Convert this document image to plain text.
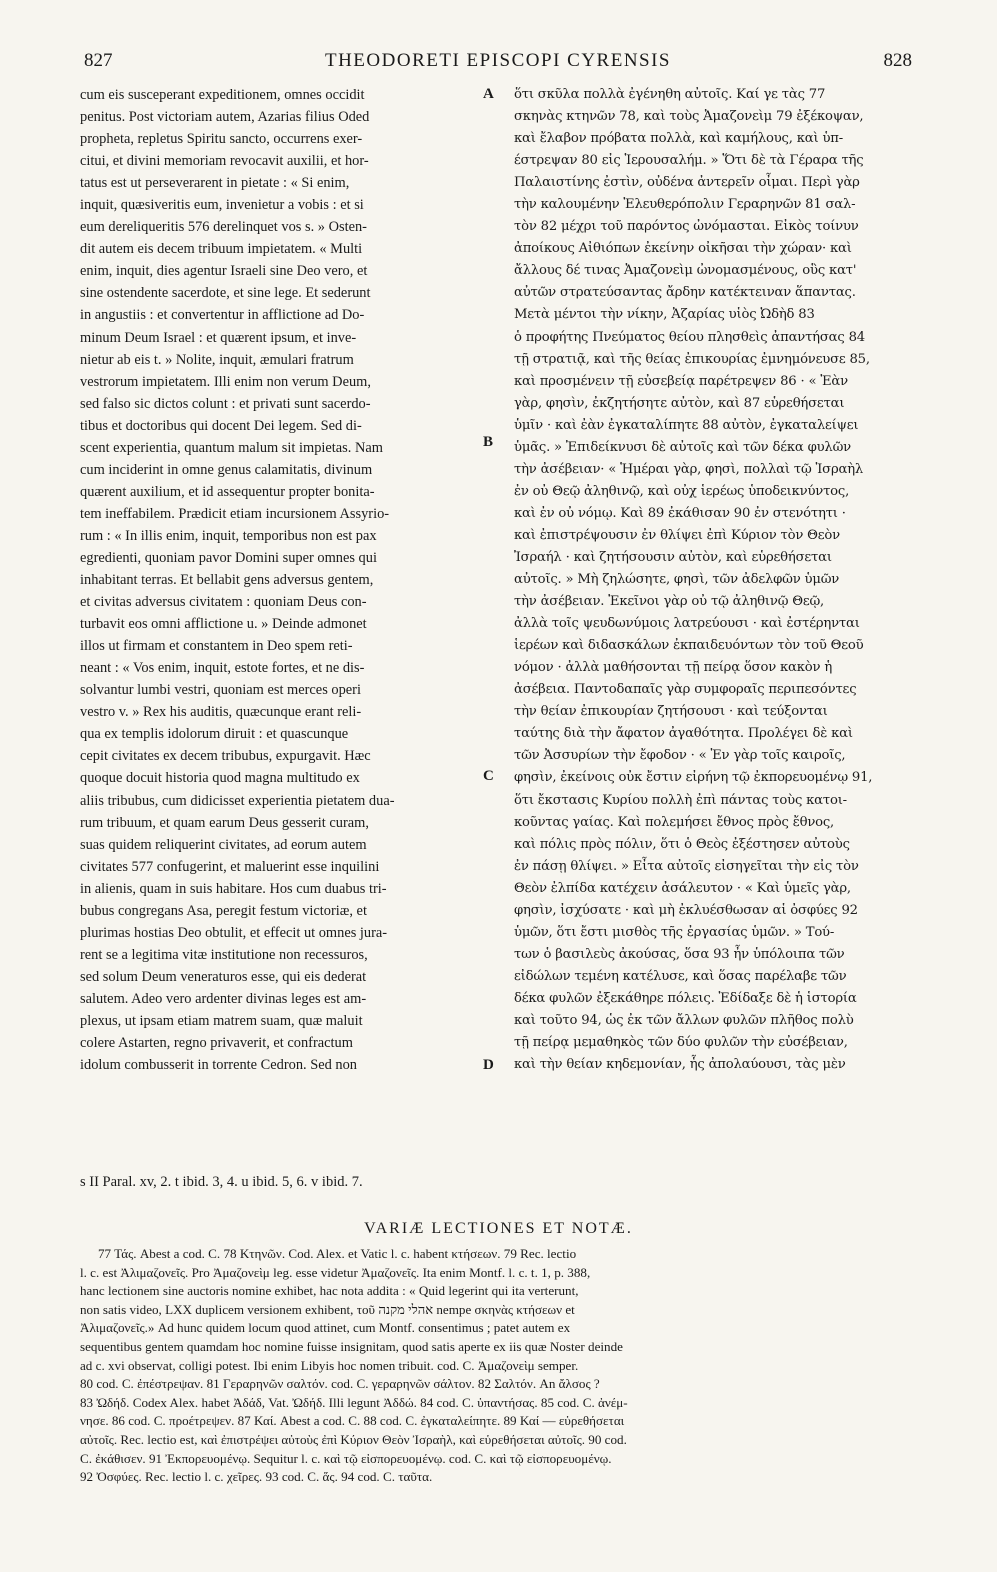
827	THEODORETI EPISCOPI CYRENSIS	828
cum eis susceperant expeditionem, omnes occidit
penitus. Post victoriam autem, Azarias filius Oded
propheta, repletus Spiritu sancto, occurrens exer-
citui, et divini memoriam revocavit auxilii, et hor-
tatus est ut perseverarent in pietate : « Si enim,
inquit, quæsiveritis eum, invenietur a vobis : et si
eum dereliqueritis 576 derelinquet vos s. » Osten-
dit autem eis decem tribuum impietatem. « Multi
enim, inquit, dies agentur Israeli sine Deo vero, et
sine ostendente sacerdote, et sine lege. Et sederunt
in angustiis : et convertentur in afflictione ad Do-
minum Deum Israel : et quærent ipsum, et inve-
nietur ab eis t. » Nolite, inquit, æmulari fratrum
vestrorum impietatem. Illi enim non verum Deum,
sed falso sic dictos colunt : et privati sunt sacerdo-
tibus et doctoribus qui docent Dei legem. Sed di-
scent experientia, quantum malum sit impietas. Nam
cum inciderint in omne genus calamitatis, divinum
quærent auxilium, et id assequentur propter bonita-
tem ineffabilem. Prædicit etiam incursionem Assyrio-
rum : « In illis enim, inquit, temporibus non est pax
egredienti, quoniam pavor Domini super omnes qui
inhabitant terras. Et bellabit gens adversus gentem,
et civitas adversus civitatem : quoniam Deus con-
turbavit eos omni afflictione u. » Deinde admonet
illos ut firmam et constantem in Deo spem reti-
neant : « Vos enim, inquit, estote fortes, et ne dis-
solvantur lumbi vestri, quoniam est merces operi
vestro v. » Rex his auditis, quæcunque erant reli-
qua ex templis idolorum diruit : et quascunque
cepit civitates ex decem tribubus, expurgavit. Hæc
quoque docuit historia quod magna multitudo ex
aliis tribubus, cum didicisset experientia pietatem dua-
rum tribuum, et quam earum Deus gesserit curam,
suas quidem reliquerint civitates, ad eorum autem
civitates 577 confugerint, et maluerint esse inquilini
in alienis, quam in suis habitare. Hos cum duabus tri-
bubus congregans Asa, peregit festum victoriæ, et
plurimas hostias Deo obtulit, et effecit ut omnes jura-
rent se a legitima vitæ institutione non recessuros,
sed solum Deum veneraturos esse, qui eis dederat
salutem. Adeo vero ardenter divinas leges est am-
plexus, ut ipsam etiam matrem suam, quæ maluit
colere Astarten, regno privaverit, et confractum
idolum combusserit in torrente Cedron. Sed non
ὅτι σκῦλα πολλὰ ἐγένηθη αὐτοῖς. Καί γε τὰς 77
σκηνὰς κτηνῶν 78, καὶ τοὺς Ἀμαζονεὶμ 79 ἐξέκοψαν,
καὶ ἔλαβον πρόβατα πολλὰ, καὶ καμήλους, καὶ ὑπ-
έστρεψαν 80 εἰς Ἱερουσαλήμ. » Ὅτι δὲ τὰ Γέραρα τῆς
Παλαιστίνης ἐστὶν, οὐδένα ἀντερεῖν οἶμαι. Περὶ γὰρ
τὴν καλουμένην Ἐλευθερόπολιν Γεραρηνῶν 81 σαλ-
τὸν 82 μέχρι τοῦ παρόντος ὠνόμασται. Εἰκὸς τοίνυν
ἀποίκους Αἰθιόπων ἐκείνην οἰκῆσαι τὴν χώραν· καὶ
ἄλλους δέ τινας Ἀμαζονεὶμ ὠνομασμένους, οὓς κατ'
αὐτῶν στρατεύσαντας ἄρδην κατέκτειναν ἅπαντας.
Μετὰ μέντοι τὴν νίκην, Ἀζαρίας υἱὸς Ὠδὴδ 83
ὁ προφήτης Πνεύματος θείου πλησθεὶς ἀπαντήσας 84
τῇ στρατιᾷ, καὶ τῆς θείας ἐπικουρίας ἐμνημόνευσε 85,
καὶ προσμένειν τῇ εὐσεβείᾳ παρέτρεψεν 86 · « Ἐὰν
γὰρ, φησὶν, ἐκζητήσητε αὐτὸν, καὶ 87 εὑρεθήσεται
ὑμῖν · καὶ ἐὰν ἐγκαταλίπητε 88 αὐτὸν, ἐγκαταλείψει
ὑμᾶς. » Ἐπιδείκνυσι δὲ αὐτοῖς καὶ τῶν δέκα φυλῶν
τὴν ἀσέβειαν· « Ἡμέραι γὰρ, φησὶ, πολλαὶ τῷ Ἰσραὴλ
ἐν οὐ Θεῷ ἀληθινῷ, καὶ οὐχ ἱερέως ὑποδεικνύντος,
καὶ ἐν οὐ νόμῳ. Καὶ 89 ἐκάθισαν 90 ἐν στενότητι ·
καὶ ἐπιστρέψουσιν ἐν θλίψει ἐπὶ Κύριον τὸν Θεὸν
Ἰσραήλ · καὶ ζητήσουσιν αὐτὸν, καὶ εὑρεθήσεται
αὐτοῖς. » Μὴ ζηλώσητε, φησὶ, τῶν ἀδελφῶν ὑμῶν
τὴν ἀσέβειαν. Ἐκεῖνοι γὰρ οὐ τῷ ἀληθινῷ Θεῷ,
ἀλλὰ τοῖς ψευδωνύμοις λατρεύουσι · καὶ ἐστέρηνται
ἱερέων καὶ διδασκάλων ἐκπαιδευόντων τὸν τοῦ Θεοῦ
νόμον · ἀλλὰ μαθήσονται τῇ πείρᾳ ὅσον κακὸν ἡ
ἀσέβεια. Παντοδαπαῖς γὰρ συμφοραῖς περιπεσόντες
τὴν θείαν ἐπικουρίαν ζητήσουσι · καὶ τεύξονται
ταύτης διὰ τὴν ἄφατον ἀγαθότητα. Προλέγει δὲ καὶ
τῶν Ἀσσυρίων τὴν ἔφοδον · « Ἐν γὰρ τοῖς καιροῖς,
φησὶν, ἐκείνοις οὐκ ἔστιν εἰρήνη τῷ ἐκπορευομένῳ 91,
ὅτι ἔκστασις Κυρίου πολλὴ ἐπὶ πάντας τοὺς κατοι-
κοῦντας γαίας. Καὶ πολεμήσει ἔθνος πρὸς ἔθνος,
καὶ πόλις πρὸς πόλιν, ὅτι ὁ Θεὸς ἐξέστησεν αὐτοὺς
ἐν πάσῃ θλίψει. » Εἶτα αὐτοῖς εἰσηγεῖται τὴν εἰς τὸν
Θεὸν ἐλπίδα κατέχειν ἀσάλευτον · « Καὶ ὑμεῖς γὰρ,
φησὶν, ἰσχύσατε · καὶ μὴ ἐκλυέσθωσαν αἱ ὀσφύες 92
ὑμῶν, ὅτι ἔστι μισθὸς τῆς ἐργασίας ὑμῶν. » Τού-
των ὁ βασιλεὺς ἀκούσας, ὅσα 93 ἦν ὑπόλοιπα τῶν
εἰδώλων τεμένη κατέλυσε, καὶ ὅσας παρέλαβε τῶν
δέκα φυλῶν ἐξεκάθηρε πόλεις. Ἐδίδαξε δὲ ἡ ἱστορία
καὶ τοῦτο 94, ὡς ἐκ τῶν ἄλλων φυλῶν πλῆθος πολὺ
τῇ πείρᾳ μεμαθηκὸς τῶν δύο φυλῶν τὴν εὐσέβειαν,
καὶ τὴν θείαν κηδεμονίαν, ἧς ἀπολαύουσι, τὰς μὲν
A
B
C
D
s II Paral. xv, 2. t ibid. 3, 4. u ibid. 5, 6. v ibid. 7.
VARIÆ LECTIONES ET NOTÆ.
77 Τάς. Abest a cod. C. 78 Κτηνῶν. Cod. Alex. et Vatic l. c. habent κτήσεων. 79 Rec. lectio
l. c. est Ἀλιμαζονεῖς. Pro Ἀμαζονεὶμ leg. esse videtur Ἀμαζονεῖς. Ita enim Montf. l. c. t. 1, p. 388,
hanc lectionem sine auctoris nomine exhibet, hac nota addita : « Quid legerint qui ita verterunt,
non satis video, LXX duplicem versionem exhibent, τοῦ אהלי מקנה nempe σκηνὰς κτήσεων et
Ἀλιμαζονεῖς.» Ad hunc quidem locum quod attinet, cum Montf. consentimus ; patet autem ex
sequentibus gentem quamdam hoc nomine fuisse insignitam, quod satis aperte ex iis quæ Noster deinde
ad c. xvi observat, colligi potest. Ibi enim Libyis hoc nomen tribuit. cod. C. Ἀμαζονεὶμ semper.
80 cod. C. ἐπέστρεψαν. 81 Γεραρηνῶν σαλτόν. cod. C. γεραρηνῶν σάλτον. 82 Σαλτόν. An ἄλσος ?
83 Ὠδήδ. Codex Alex. habet Ἀδάδ, Vat. Ὠδήδ. Illi legunt Ἀδδώ. 84 cod. C. ὑπαντήσας. 85 cod. C. ἀνέμ-
νησε. 86 cod. C. προέτρεψεν. 87 Καί. Abest a cod. C. 88 cod. C. ἐγκαταλείπητε. 89 Καί — εὑρεθήσεται
αὐτοῖς. Rec. lectio est, καὶ ἐπιστρέψει αὐτοὺς ἐπὶ Κύριον Θεὸν Ἰσραὴλ, καὶ εὑρεθήσεται αὐτοῖς. 90 cod.
C. ἐκάθισεν. 91 Ἐκπορευομένῳ. Sequitur l. c. καὶ τῷ εἰσπορευομένῳ. cod. C. καὶ τῷ εἰσπορευομένῳ.
92 Ὀσφύες. Rec. lectio l. c. χεῖρες. 93 cod. C. ἅς. 94 cod. C. ταῦτα.
